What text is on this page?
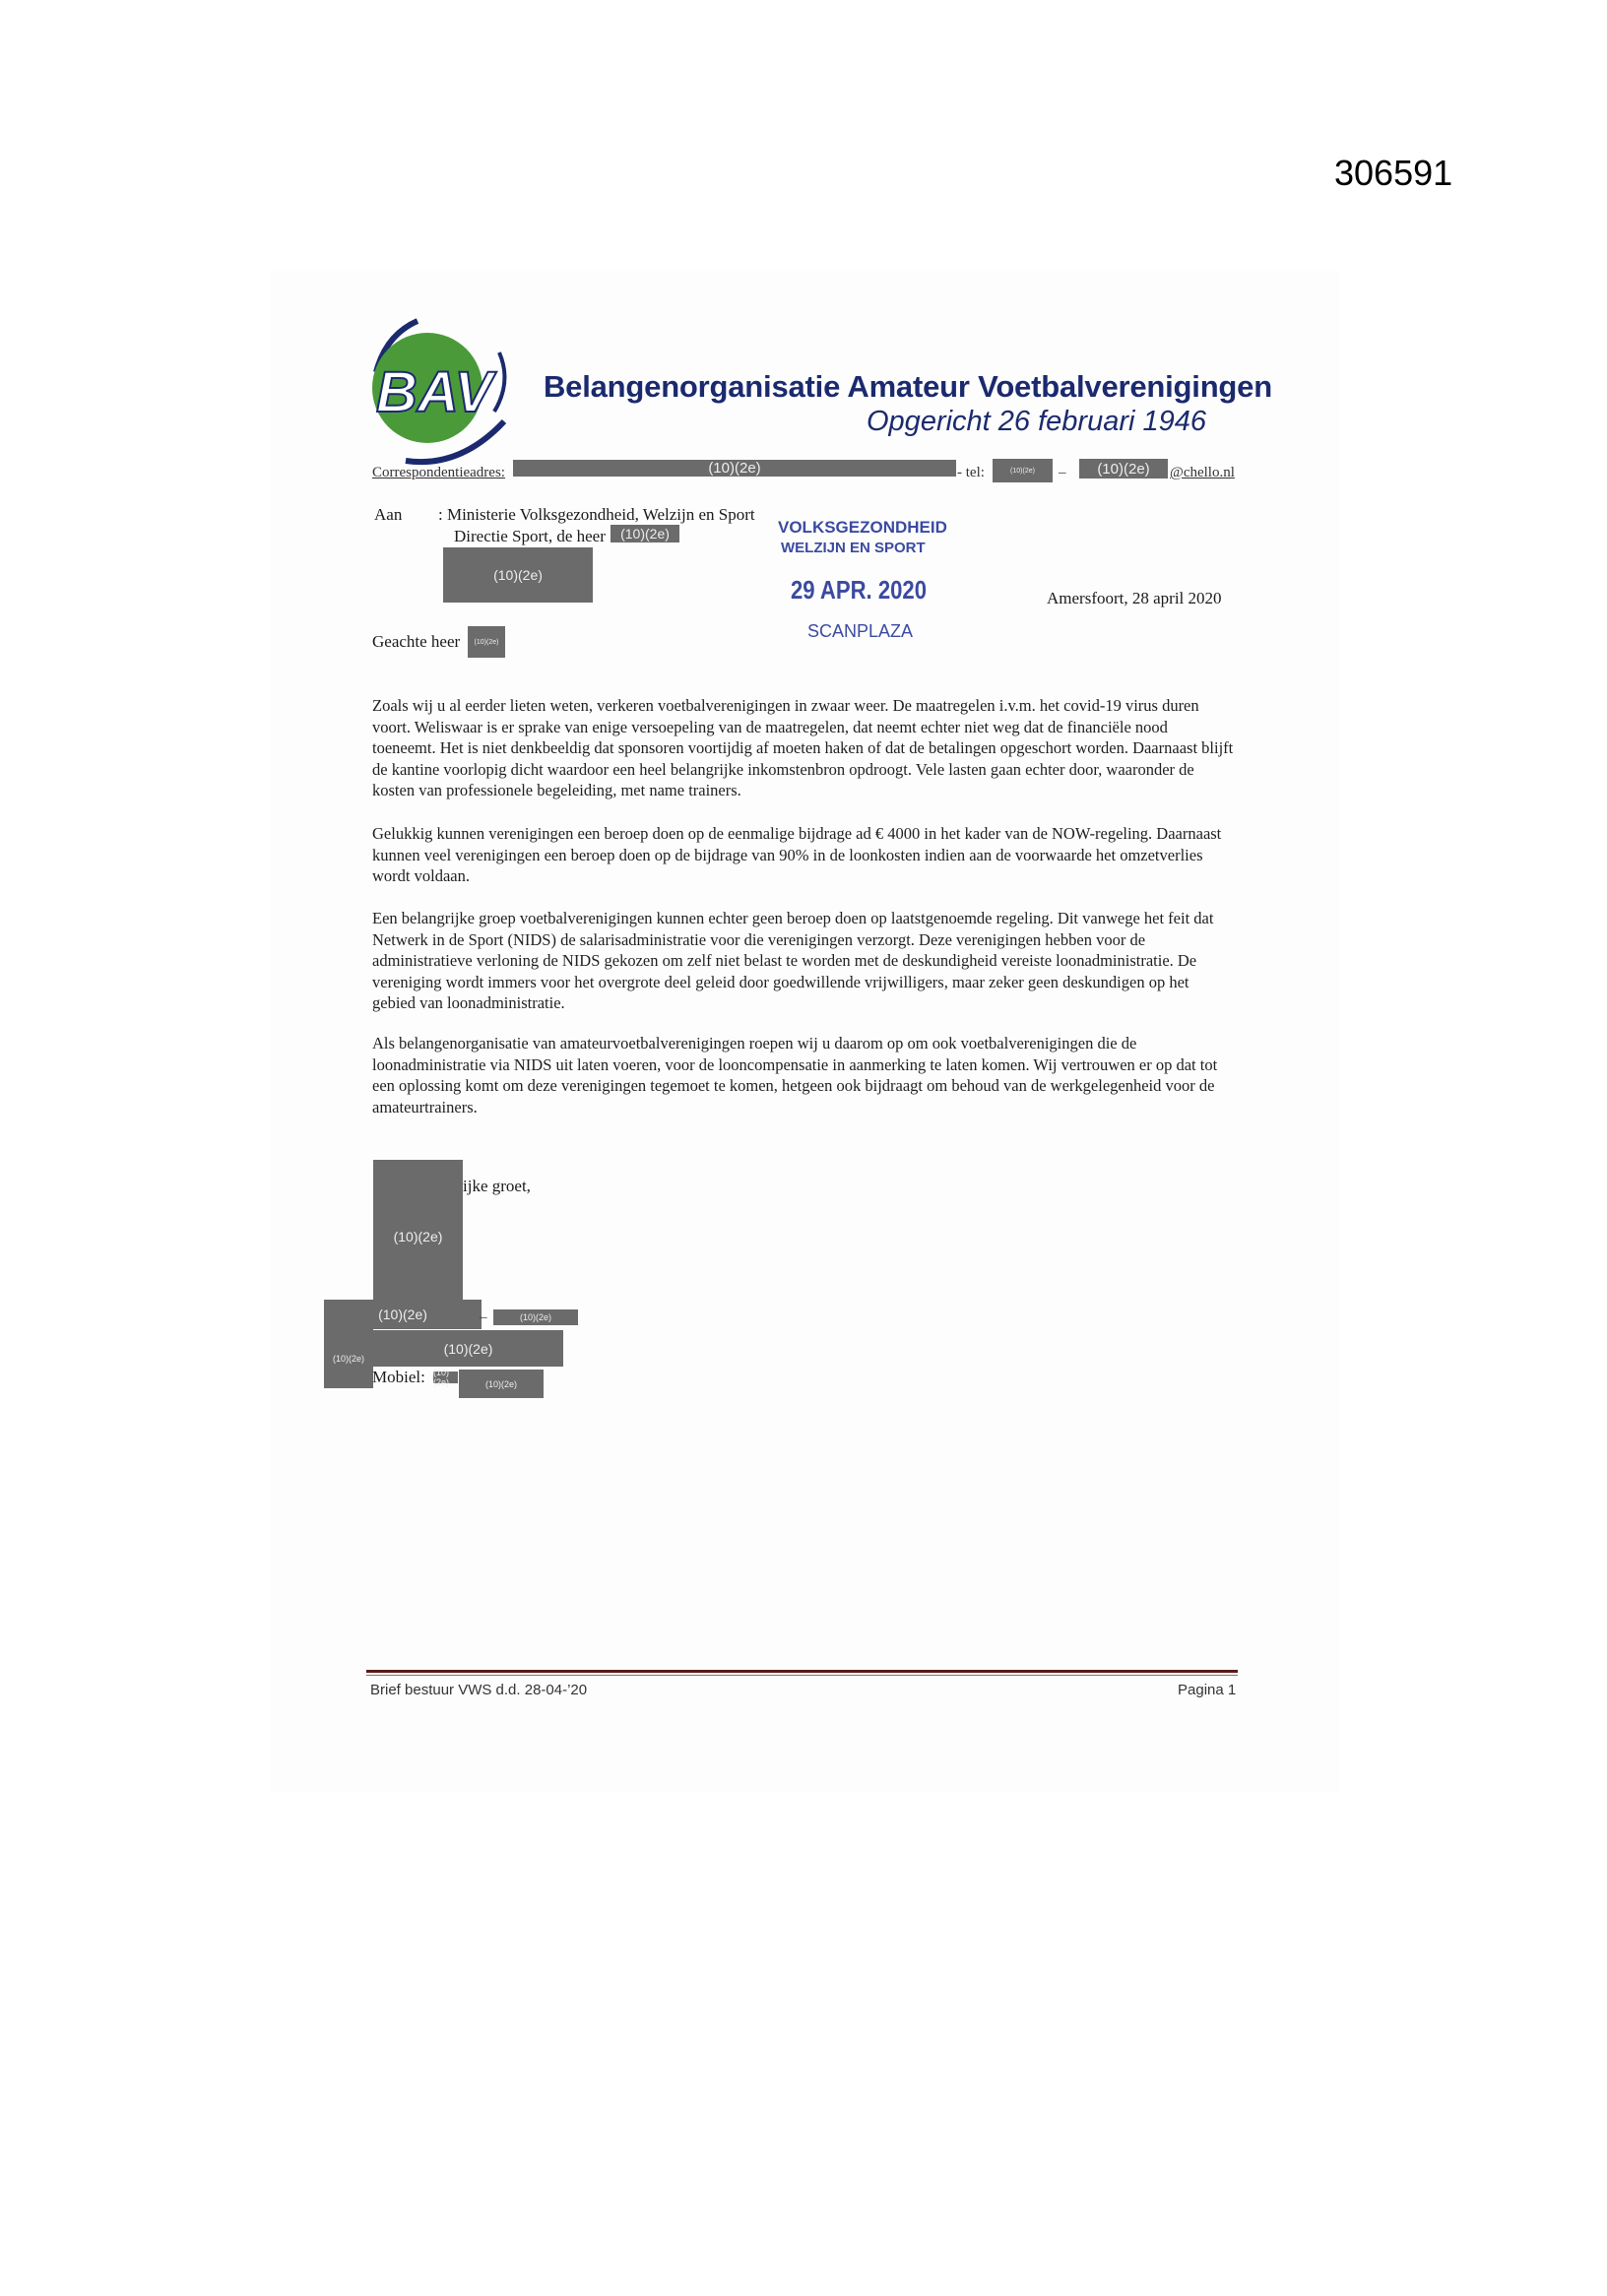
306591
BAV Belangenorganisatie Amateur Voetbalverenigingen
Opgericht 26 februari 1946
Correspondentieadres:	(10)(2e)	- tel:	(10)(2e)	–	(10)(2e)	@chello.nl
Aan : Ministerie Volksgezondheid, Welzijn en Sport
Directie Sport, de heer	(10)(2e)
(10)(2e)
VOLKSGEZONDHEID
WELZIJN EN SPORT
29 APR. 2020
SCANPLAZA
Amersfoort, 28 april 2020
Geachte heer	(10)(2e)
Zoals wij u al eerder lieten weten, verkeren voetbalverenigingen in zwaar weer. De maatregelen i.v.m. het covid-19 virus duren voort. Weliswaar is er sprake van enige versoepeling van de maatregelen, dat neemt echter niet weg dat de financiële nood toeneemt. Het is niet denkbeeldig dat sponsoren voortijdig af moeten haken of dat de betalingen opgeschort worden. Daarnaast blijft de kantine voorlopig dicht waardoor een heel belangrijke inkomstenbron opdroogt. Vele lasten gaan echter door, waaronder de kosten van professionele begeleiding, met name trainers.
Gelukkig kunnen verenigingen een beroep doen op de eenmalige bijdrage ad € 4000 in het kader van de NOW-regeling. Daarnaast kunnen veel verenigingen een beroep doen op de bijdrage van 90% in de loonkosten indien aan de voorwaarde het omzetverlies wordt voldaan.
Een belangrijke groep voetbalverenigingen kunnen echter geen beroep doen op laatstgenoemde regeling. Dit vanwege het feit dat Netwerk in de Sport (NIDS) de salarisadministratie voor die verenigingen verzorgt. Deze verenigingen hebben voor de administratieve verloning de NIDS gekozen om zelf niet belast te worden met de deskundigheid vereiste loonadministratie. De vereniging wordt immers voor het overgrote deel geleid door goedwillende vrijwilligers, maar zeker geen deskundigen op het gebied van loonadministratie.
Als belangenorganisatie van amateurvoetbalverenigingen roepen wij u daarom op om ook voetbalverenigingen die de loonadministratie via NIDS uit laten voeren, voor de looncompensatie in aanmerking te laten komen. Wij vertrouwen er op dat tot een oplossing komt om deze verenigingen tegemoet te komen, hetgeen ook bijdraagt om behoud van de werkgelegenheid voor de amateurtrainers.
ijke groet,
(10)(2e)
(10)(2e)
(10)(2e)
(10)(2e)
–	(10)(2e)
Mobiel: (10)(2e)	(10)(2e)
Brief bestuur VWS d.d. 28-04-’20	Pagina 1
